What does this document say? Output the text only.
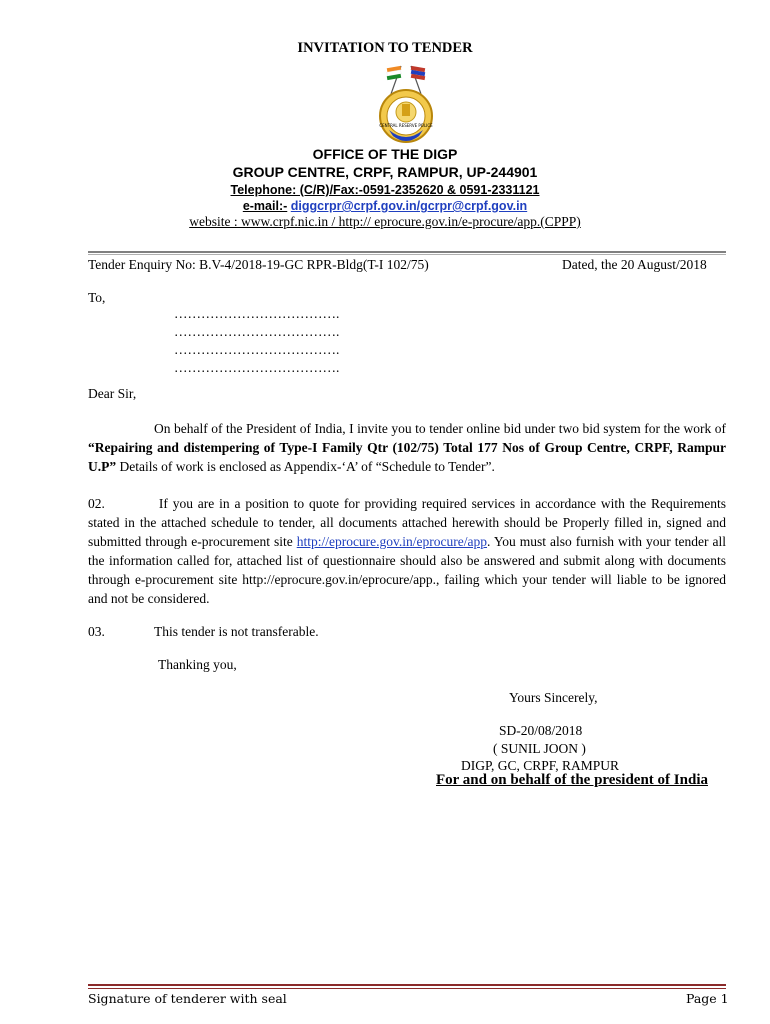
INVITATION TO TENDER
CENTRAL RESERVE POLICE
OFFICE OF THE DIGP
GROUP CENTRE, CRPF, RAMPUR, UP-244901
Telephone: (C/R)/Fax:-0591-2352620 & 0591-2331121
e-mail:- diggcrpr@crpf.gov.in/gcrpr@crpf.gov.in
website : www.crpf.nic.in / http:// eprocure.gov.in/e-procure/app.(CPPP)
Tender Enquiry No: B.V-4/2018-19-GC RPR-Bldg(T-I 102/75)	Dated, the 20 August/2018
To,
……………………………….
……………………………….
……………………………….
……………………………….
Dear Sir,
On behalf of the President of India, I invite you to tender online bid under two bid system for the work of “Repairing and distempering of Type-I Family Qtr (102/75) Total 177 Nos of Group Centre, CRPF, Rampur U.P” Details of work is enclosed as Appendix-‘A’ of “Schedule to Tender”.
02.	If you are in a position to quote for providing required services in accordance with the Requirements stated in the attached schedule to tender, all documents attached herewith should be Properly filled in, signed and submitted through e-procurement site http://eprocure.gov.in/eprocure/app. You must also furnish with your tender all the information called for, attached list of questionnaire should also be answered and submit along with documents through e-procurement site http://eprocure.gov.in/eprocure/app., failing which your tender will liable to be ignored and not be considered.
03.	This tender is not transferable.
Thanking you,
Yours Sincerely,
SD-20/08/2018
( SUNIL JOON )
DIGP, GC, CRPF, RAMPUR
For and on behalf of the president of India
Signature of tenderer with seal	Page 1
